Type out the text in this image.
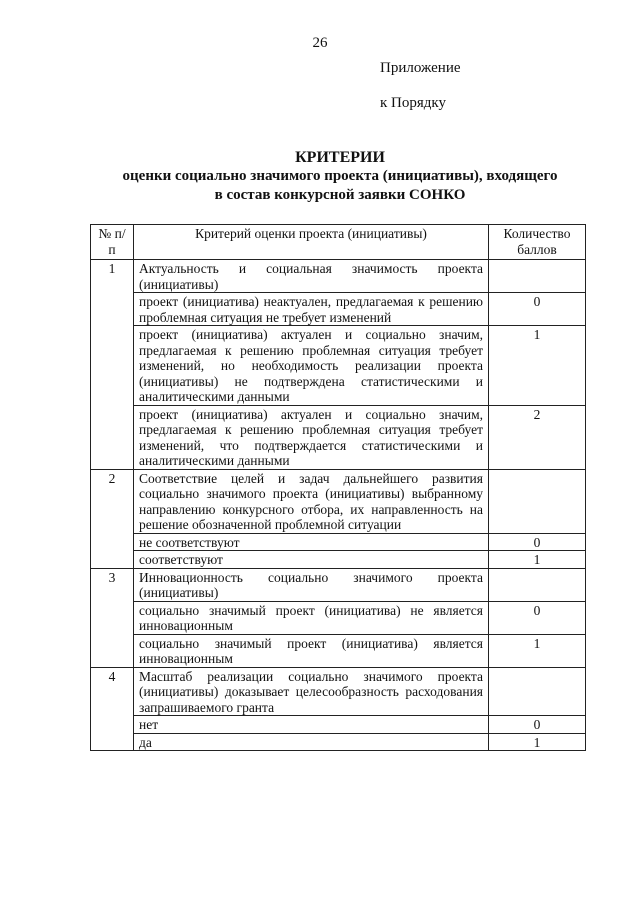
26
Приложение
к Порядку
КРИТЕРИИ
оценки социально значимого проекта (инициативы), входящего
в состав конкурсной заявки СОНКО
№ п/п	Критерий оценки проекта (инициативы)	Количество баллов
1	Актуальность и социальная значимость проекта (инициативы)	
	проект (инициатива) неактуален, предлагаемая к решению проблемная ситуация не требует изменений	0
	проект (инициатива) актуален и социально значим, предлагаемая к решению проблемная ситуация требует изменений, но необходимость реализации проекта (инициативы) не подтверждена статистическими и аналитическими данными	1
	проект (инициатива) актуален и социально значим, предлагаемая к решению проблемная ситуация требует изменений, что подтверждается статистическими и аналитическими данными	2
2	Соответствие целей и задач дальнейшего развития социально значимого проекта (инициативы) выбранному направлению конкурсного отбора, их направленность на решение обозначенной проблемной ситуации	
	не соответствуют	0
	соответствуют	1
3	Инновационность социально значимого проекта (инициативы)	
	социально значимый проект (инициатива) не является инновационным	0
	социально значимый проект (инициатива) является инновационным	1
4	Масштаб реализации социально значимого проекта (инициативы) доказывает целесообразность расходования запрашиваемого гранта	
	нет	0
	да	1
